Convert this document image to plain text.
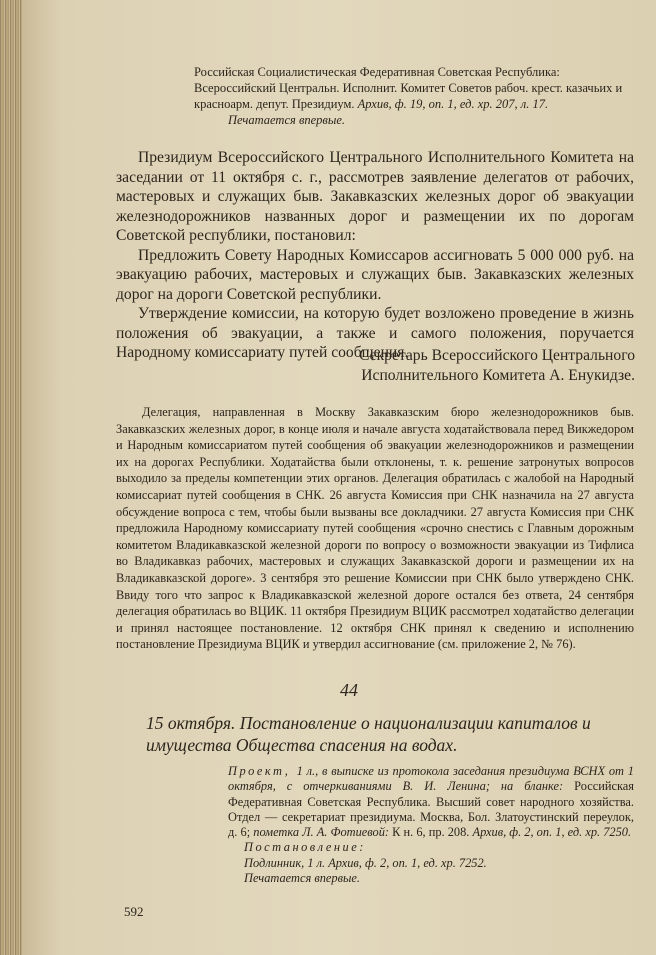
Российская Социалистическая Федеративная Советская Республика: Всероссийский Центральн. Исполнит. Комитет Советов рабоч. крест. казачьих и красноарм. депут. Президиум. Архив, ф. 19, оп. 1, ед. хр. 207, л. 17.
Печатается впервые.

Президиум Всероссийского Центрального Исполнительного Комитета на заседании от 11 октября с. г., рассмотрев заявление делегатов от рабочих, мастеровых и служащих быв. Закавказских железных дорог об эвакуации железнодорожников названных дорог и размещении их по дорогам Советской республики, постановил:

Предложить Совету Народных Комиссаров ассигновать 5 000 000 руб. на эвакуацию рабочих, мастеровых и служащих быв. Закавказских железных дорог на дороги Советской республики.

Утверждение комиссии, на которую будет возложено проведение в жизнь положения об эвакуации, а также и самого положения, поручается Народному комиссариату путей сообщения.

Секретарь Всероссийского Центрального
Исполнительного Комитета А. Енукидзе.

Делегация, направленная в Москву Закавказским бюро железнодорожников быв. Закавказских железных дорог, в конце июля и начале августа ходатайствовала перед Викжедором и Народным комиссариатом путей сообщения об эвакуации железнодорожников и размещении их на дорогах Республики. Ходатайства были отклонены, т. к. решение затронутых вопросов выходило за пределы компетенции этих органов. Делегация обратилась с жалобой на Народный комиссариат путей сообщения в СНК. 26 августа Комиссия при СНК назначила на 27 августа обсуждение вопроса с тем, чтобы были вызваны все докладчики. 27 августа Комиссия при СНК предложила Народному комиссариату путей сообщения «срочно снестись с Главным дорожным комитетом Владикавказской железной дороги по вопросу о возможности эвакуации из Тифлиса во Владикавказ рабочих, мастеровых и служащих Закавказской дороги и размещении их на Владикавказской дороге». 3 сентября это решение Комиссии при СНК было утверждено СНК. Ввиду того что запрос к Владикавказской железной дороге остался без ответа, 24 сентября делегация обратилась во ВЦИК. 11 октября Президиум ВЦИК рассмотрел ходатайство делегации и принял настоящее постановление. 12 октября СНК принял к сведению и исполнению постановление Президиума ВЦИК и утвердил ассигнование (см. приложение 2, № 76).

44

15 октября. Постановление о национализации капиталов и имущества Общества спасения на водах.

Проект, 1 л., в выписке из протокола заседания президиума ВСНХ от 1 октября, с отчеркиваниями В. И. Ленина; на бланке: Российская Федеративная Советская Республика. Высший совет народного хозяйства. Отдел — секретариат президиума. Москва, Бол. Златоустинский переулок, д. 6; пометка Л. А. Фотиевой: К н. 6, пр. 208. Архив, ф. 2, оп. 1, ед. хр. 7250.
Постановление:
Подлинник, 1 л. Архив, ф. 2, оп. 1, ед. хр. 7252.
Печатается впервые.
592
